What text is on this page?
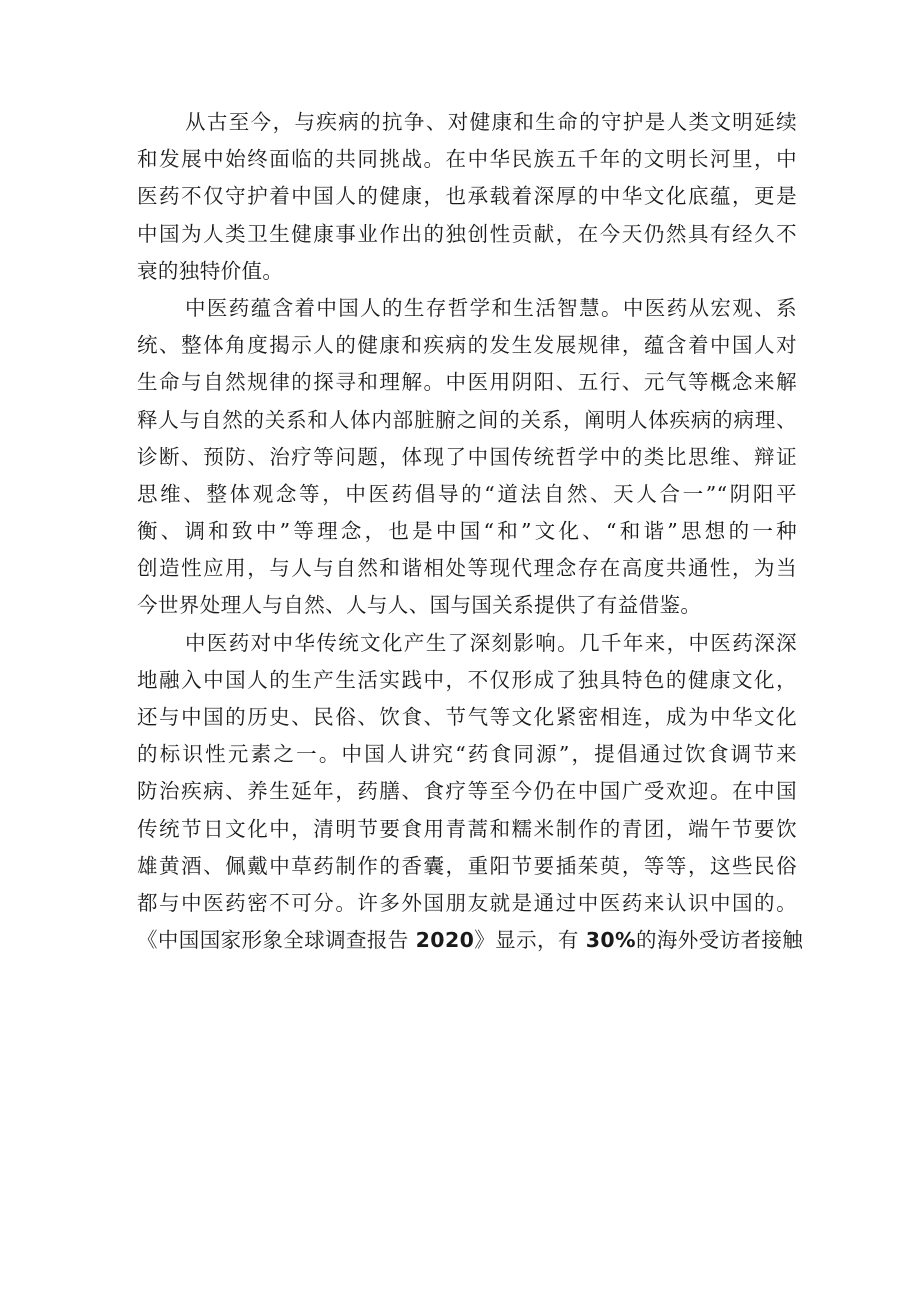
从古至今，与疾病的抗争、对健康和生命的守护是人类文明延续
和发展中始终面临的共同挑战。在中华民族五千年的文明长河里，中
医药不仅守护着中国人的健康，也承载着深厚的中华文化底蕴，更是
中国为人类卫生健康事业作出的独创性贡献，在今天仍然具有经久不
衰的独特价值。
中医药蕴含着中国人的生存哲学和生活智慧。中医药从宏观、系
统、整体角度揭示人的健康和疾病的发生发展规律，蕴含着中国人对
生命与自然规律的探寻和理解。中医用阴阳、五行、元气等概念来解
释人与自然的关系和人体内部脏腑之间的关系，阐明人体疾病的病理、
诊断、预防、治疗等问题，体现了中国传统哲学中的类比思维、辩证
思维、整体观念等，中医药倡导的“道法自然、天人合一”“阴阳平
衡、调和致中”等理念，也是中国“和”文化、“和谐”思想的一种
创造性应用，与人与自然和谐相处等现代理念存在高度共通性，为当
今世界处理人与自然、人与人、国与国关系提供了有益借鉴。
中医药对中华传统文化产生了深刻影响。几千年来，中医药深深
地融入中国人的生产生活实践中，不仅形成了独具特色的健康文化，
还与中国的历史、民俗、饮食、节气等文化紧密相连，成为中华文化
的标识性元素之一。中国人讲究“药食同源”，提倡通过饮食调节来
防治疾病、养生延年，药膳、食疗等至今仍在中国广受欢迎。在中国
传统节日文化中，清明节要食用青蒿和糯米制作的青团，端午节要饮
雄黄酒、佩戴中草药制作的香囊，重阳节要插茱萸，等等，这些民俗
都与中医药密不可分。许多外国朋友就是通过中医药来认识中国的。
《中国国家形象全球调查报告 2020》显示，有 30%的海外受访者接触
